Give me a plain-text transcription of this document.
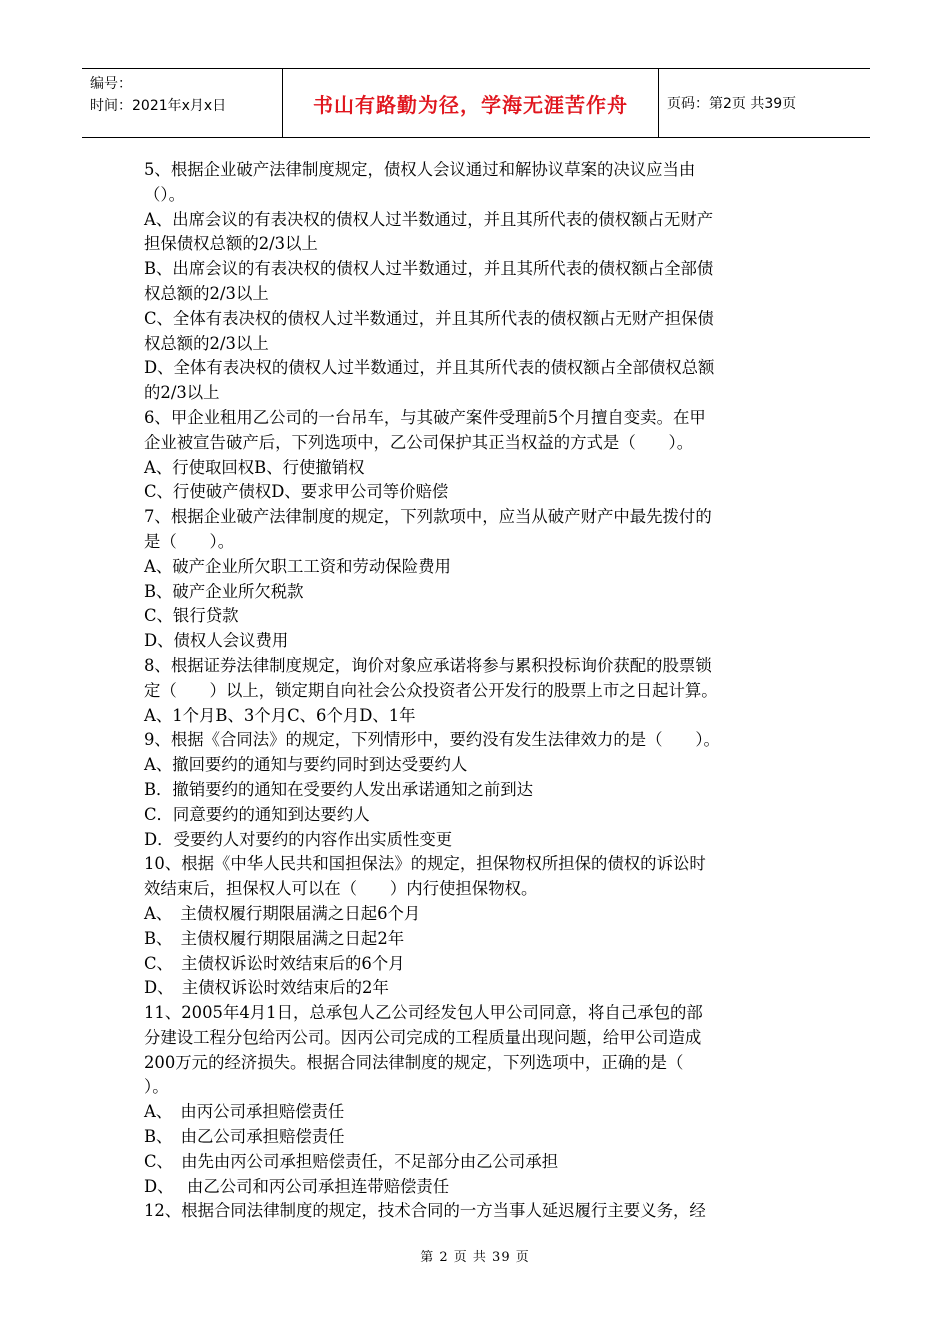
编号：
时间：2021年x月x日	书山有路勤为径，学海无涯苦作舟	页码：第2页 共39页

5、根据企业破产法律制度规定，债权人会议通过和解协议草案的决议应当由

（）。

A、出席会议的有表决权的债权人过半数通过，并且其所代表的债权额占无财产

担保债权总额的2/3以上

B、出席会议的有表决权的债权人过半数通过，并且其所代表的债权额占全部债

权总额的2/3以上

C、全体有表决权的债权人过半数通过，并且其所代表的债权额占无财产担保债

权总额的2/3以上

D、全体有表决权的债权人过半数通过，并且其所代表的债权额占全部债权总额

的2/3以上

6、甲企业租用乙公司的一台吊车，与其破产案件受理前5个月擅自变卖。在甲

企业被宣告破产后，下列选项中，乙公司保护其正当权益的方式是（　　）。

A、行使取回权B、行使撤销权

C、行使破产债权D、要求甲公司等价赔偿

7、根据企业破产法律制度的规定，下列款项中，应当从破产财产中最先拨付的

是（　　）。

A、破产企业所欠职工工资和劳动保险费用

B、破产企业所欠税款

C、银行贷款

D、债权人会议费用

8、根据证券法律制度规定，询价对象应承诺将参与累积投标询价获配的股票锁

定（　　）以上，锁定期自向社会公众投资者公开发行的股票上市之日起计算。

A、1个月B、3个月C、6个月D、1年

9、根据《合同法》的规定，下列情形中，要约没有发生法律效力的是（　　）。

A、撤回要约的通知与要约同时到达受要约人

B．撤销要约的通知在受要约人发出承诺通知之前到达

C．同意要约的通知到达要约人

D．受要约人对要约的内容作出实质性变更

10、根据《中华人民共和国担保法》的规定，担保物权所担保的债权的诉讼时

效结束后，担保权人可以在（　　）内行使担保物权。

A、　主债权履行期限届满之日起6个月

B、　主债权履行期限届满之日起2年

C、　主债权诉讼时效结束后的6个月

D、　主债权诉讼时效结束后的2年

11、2005年4月1日，总承包人乙公司经发包人甲公司同意，将自己承包的部

分建设工程分包给丙公司。因丙公司完成的工程质量出现问题，给甲公司造成

200万元的经济损失。根据合同法律制度的规定，下列选项中，正确的是（

）。

A、　由丙公司承担赔偿责任

B、　由乙公司承担赔偿责任

C、　由先由丙公司承担赔偿责任，不足部分由乙公司承担

D、　 由乙公司和丙公司承担连带赔偿责任

12、根据合同法律制度的规定，技术合同的一方当事人延迟履行主要义务，经

第 2 页 共 39 页
